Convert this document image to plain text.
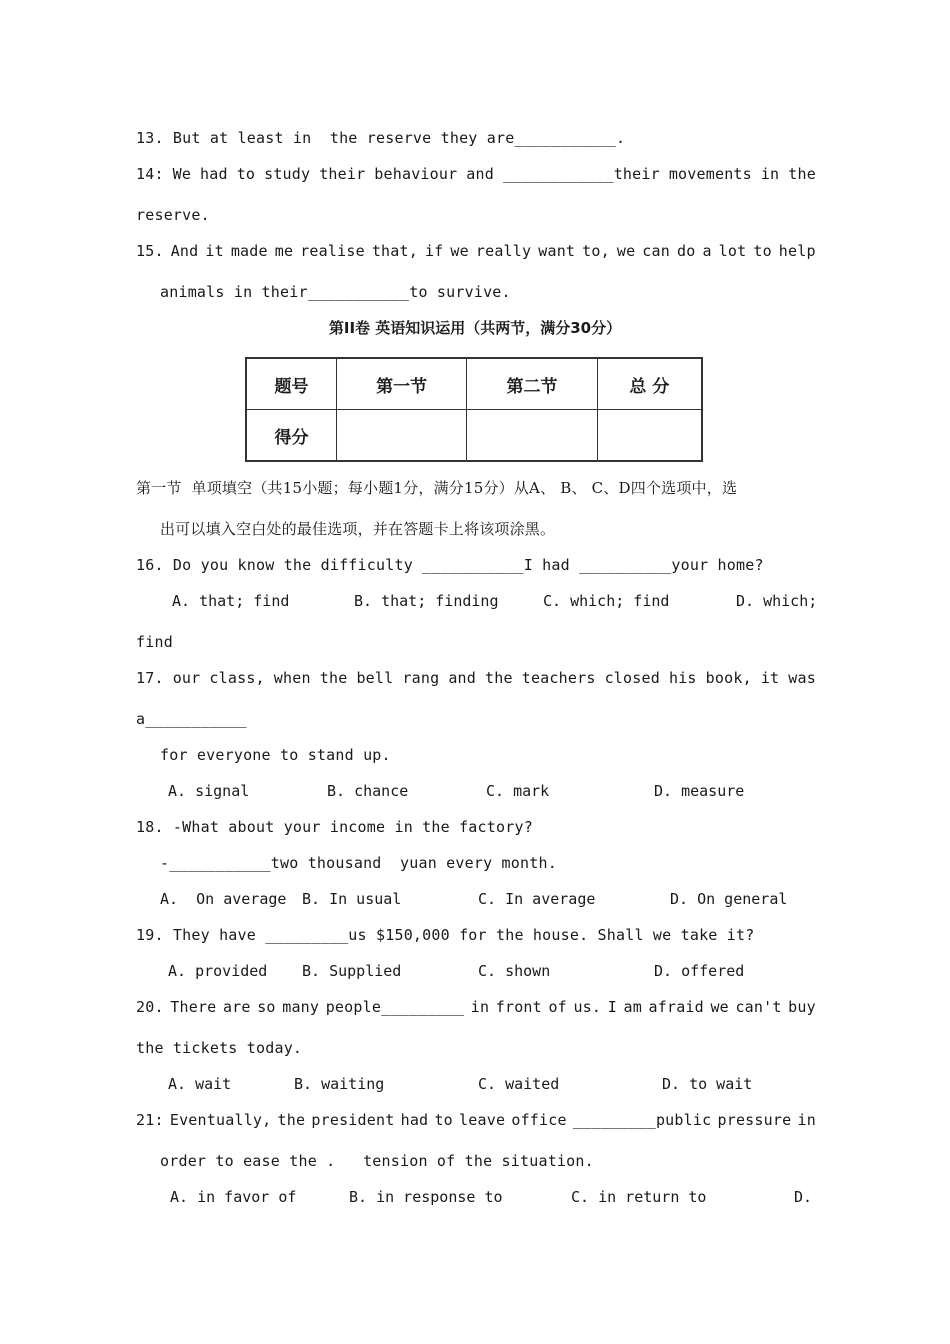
13. But at least in  the reserve they are___________.
14: We had to study their behaviour and ____________their movements in the
reserve.
15. And it made me realise that, if we really want to, we can do a lot to help
animals in their___________to survive.
第II卷 英语知识运用（共两节，满分30分）
题号	第一节	第二节	总 分
得分			
第一节  单项填空（共15小题；每小题1分，满分15分）从A、 B、 C、D四个选项中，选
出可以填入空白处的最佳选项，并在答题卡上将该项涂黑。
16. Do you know the difficulty ___________I had __________your home?
A. that; find	B. that; finding	C. which; find	D. which;
find
17. our class, when the bell rang and the teachers closed his book, it was
a___________
for everyone to stand up.
A. signal	B. chance	C. mark	D. measure
18. -What about your income in the factory?
-___________two thousand  yuan every month.
A.  On average B. In usual	C. In average	D. On general
19. They have _________us $150,000 for the house. Shall we take it?
A. provided B. Supplied	C. shown	D. offered
20. There are so many people_________ in front of us. I am afraid we can't buy
the tickets today.
A. wait	B. waiting	C. waited	D. to wait
21: Eventually, the president had to leave office _________public pressure in
order to ease the .   tension of the situation.
A. in favor of	B. in response to	C. in return to	D.
